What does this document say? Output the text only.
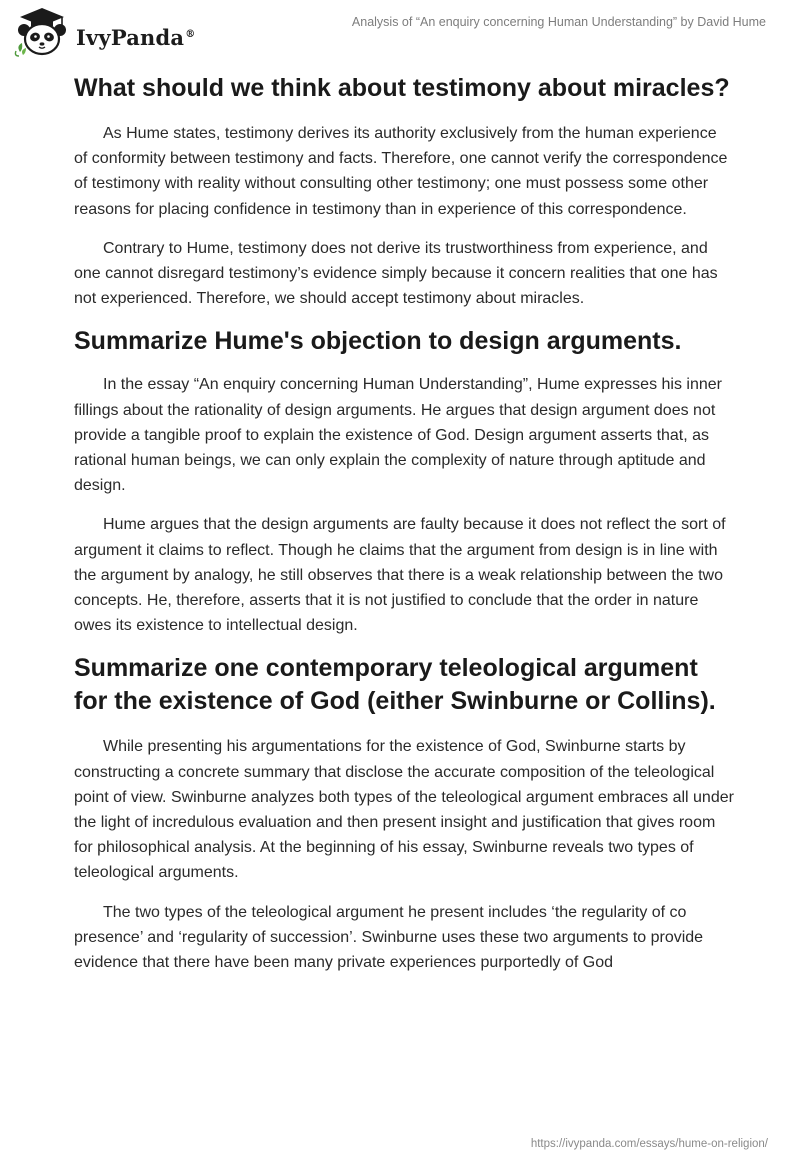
IvyPanda®
Analysis of “An enquiry concerning Human Understanding” by David Hume
What should we think about testimony about miracles?

As Hume states, testimony derives its authority exclusively from the human experience of conformity between testimony and facts. Therefore, one cannot verify the correspondence of testimony with reality without consulting other testimony; one must possess some other reasons for placing confidence in testimony than in experience of this correspondence.

Contrary to Hume, testimony does not derive its trustworthiness from experience, and one cannot disregard testimony’s evidence simply because it concern realities that one has not experienced. Therefore, we should accept testimony about miracles.

Summarize Hume's objection to design arguments.

In the essay “An enquiry concerning Human Understanding”, Hume expresses his inner fillings about the rationality of design arguments. He argues that design argument does not provide a tangible proof to explain the existence of God. Design argument asserts that, as rational human beings, we can only explain the complexity of nature through aptitude and design.

Hume argues that the design arguments are faulty because it does not reflect the sort of argument it claims to reflect. Though he claims that the argument from design is in line with the argument by analogy, he still observes that there is a weak relationship between the two concepts. He, therefore, asserts that it is not justified to conclude that the order in nature owes its existence to intellectual design.

Summarize one contemporary teleological argument for the existence of God (either Swinburne or Collins).

While presenting his argumentations for the existence of God, Swinburne starts by constructing a concrete summary that disclose the accurate composition of the teleological point of view. Swinburne analyzes both types of the teleological argument embraces all under the light of incredulous evaluation and then present insight and justification that gives room for philosophical analysis. At the beginning of his essay, Swinburne reveals two types of teleological arguments.

The two types of the teleological argument he present includes ‘the regularity of co presence’ and ‘regularity of succession’. Swinburne uses these two arguments to provide evidence that there have been many private experiences purportedly of God

https://ivypanda.com/essays/hume-on-religion/
